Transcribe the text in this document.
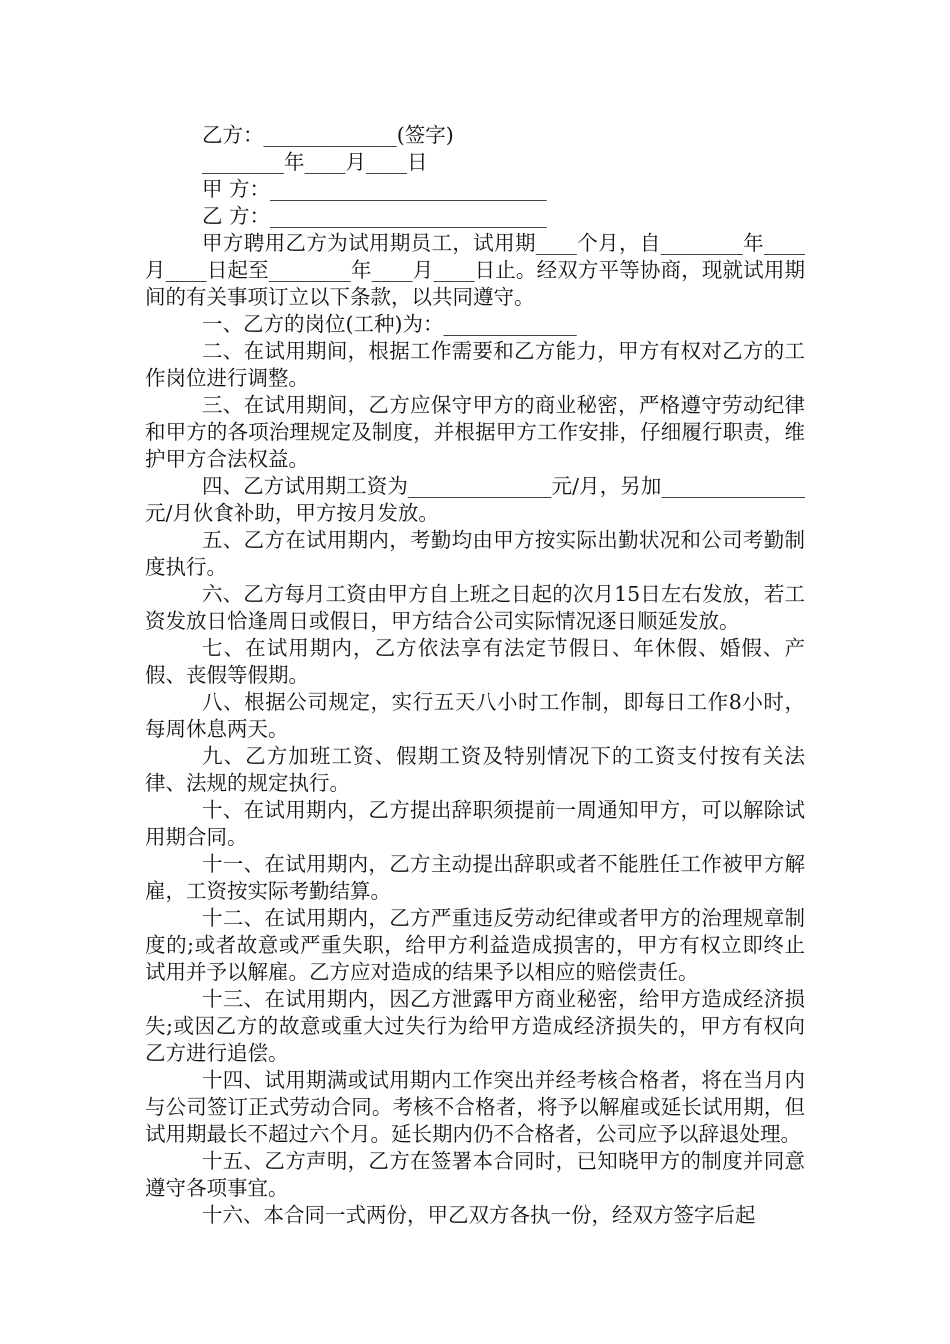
乙方：_____________(签字)
________年____月____日
甲 方：___________________________
乙 方：___________________________

甲方聘用乙方为试用期员工，试用期____个月，自________年____月____日起至________年____月____日止。经双方平等协商，现就试用期间的有关事项订立以下条款，以共同遵守。

一、乙方的岗位(工种)为：_____________

二、在试用期间，根据工作需要和乙方能力，甲方有权对乙方的工作岗位进行调整。

三、在试用期间，乙方应保守甲方的商业秘密，严格遵守劳动纪律和甲方的各项治理规定及制度，并根据甲方工作安排，仔细履行职责，维护甲方合法权益。

四、乙方试用期工资为______________元/月，另加______________元/月伙食补助，甲方按月发放。

五、乙方在试用期内，考勤均由甲方按实际出勤状况和公司考勤制度执行。

六、乙方每月工资由甲方自上班之日起的次月15日左右发放，若工资发放日恰逢周日或假日，甲方结合公司实际情况逐日顺延发放。

七、在试用期内，乙方依法享有法定节假日、年休假、婚假、产假、丧假等假期。

八、根据公司规定，实行五天八小时工作制，即每日工作8小时，每周休息两天。

九、乙方加班工资、假期工资及特别情况下的工资支付按有关法律、法规的规定执行。

十、在试用期内，乙方提出辞职须提前一周通知甲方，可以解除试用期合同。

十一、在试用期内，乙方主动提出辞职或者不能胜任工作被甲方解雇，工资按实际考勤结算。

十二、在试用期内，乙方严重违反劳动纪律或者甲方的治理规章制度的;或者故意或严重失职，给甲方利益造成损害的，甲方有权立即终止试用并予以解雇。乙方应对造成的结果予以相应的赔偿责任。

十三、在试用期内，因乙方泄露甲方商业秘密，给甲方造成经济损失;或因乙方的故意或重大过失行为给甲方造成经济损失的，甲方有权向乙方进行追偿。

十四、试用期满或试用期内工作突出并经考核合格者，将在当月内与公司签订正式劳动合同。考核不合格者，将予以解雇或延长试用期，但试用期最长不超过六个月。延长期内仍不合格者，公司应予以辞退处理。

十五、乙方声明，乙方在签署本合同时，已知晓甲方的制度并同意遵守各项事宜。

十六、本合同一式两份，甲乙双方各执一份，经双方签字后起
